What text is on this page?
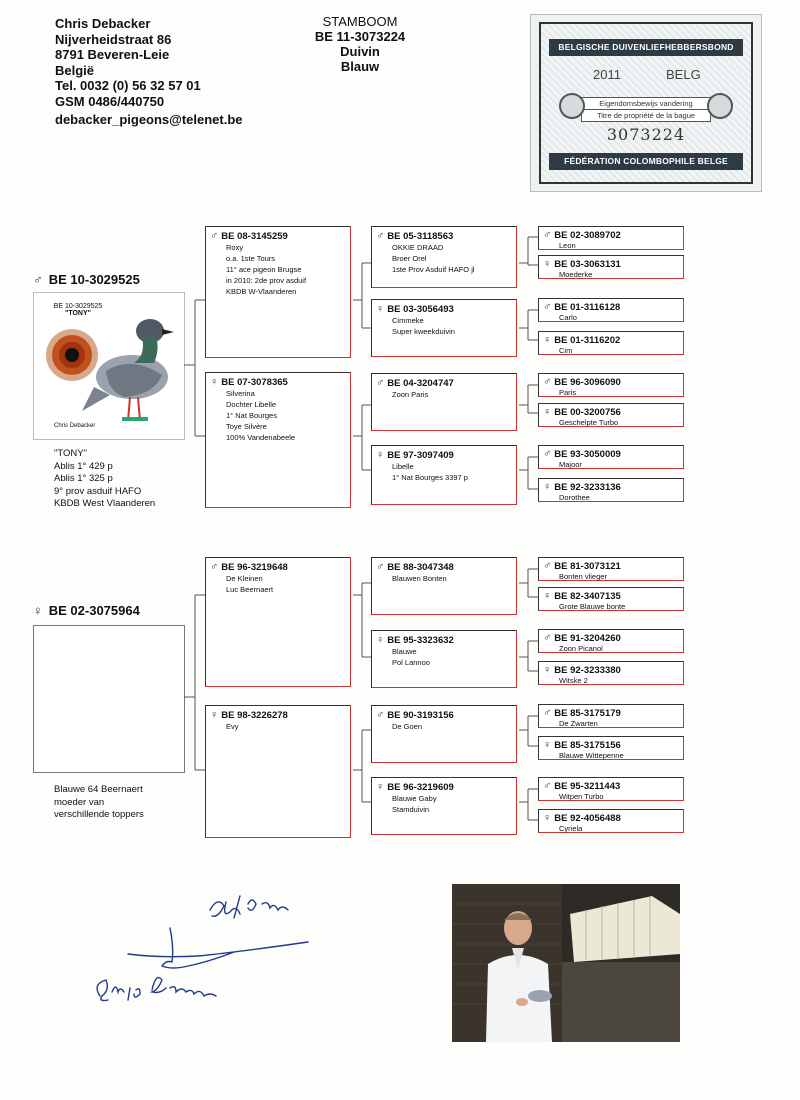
Chris Debacker
Nijverheidstraat 86
8791 Beveren-Leie
België
Tel. 0032 (0) 56 32 57 01
GSM 0486/440750
debacker_pigeons@telenet.be
STAMBOOM
BE 11-3073224
Duivin
Blauw
BELGISCHE DUIVENLIEFHEBBERSBOND
2011	BELG
Eigendomsbewijs vandering
Titre de propriété de la bague
3073224
FÉDÉRATION COLOMBOPHILE BELGE
♂ BE 10-3029525
BE 10-3029525
"TONY"
Chris Debacker
"TONY"
Ablis 1° 429 p
Ablis 1° 325 p
9° prov asduif HAFO
KBDB West Vlaanderen
♀ BE 02-3075964
Blauwe 64 Beernaert
moeder van
verschillende toppers
♂ BE 08-3145259
Roxy
o.a. 1ste Tours
11° ace pigeon Brugse
in 2010: 2de prov asduif
KBDB W-Vlaanderen
♀ BE 07-3078365
Silverina
Dochter Libelle
1° Nat Bourges
Toye Silvère
100% Vandenabeele
♂ BE 96-3219648
De Kleinen
Luc Beernaert
♀ BE 98-3226278
Evy
♂ BE 05-3118563
OKKIE DRAAD
Broer Orel
1ste Prov Asduif HAFO jl
♀ BE 03-3056493
Cimmeke
Super kweekduivin
♂ BE 04-3204747
Zoon Paris
♀ BE 97-3097409
Libelle
1° Nat Bourges 3397 p
♂ BE 88-3047348
Blauwen Bonten
♀ BE 95-3323632
Blauwe
Pol Lannoo
♂ BE 90-3193156
De Goen
♀ BE 96-3219609
Blauwe Gaby
Stamduivin
♂ BE 02-3089702
Leon
♀ BE 03-3063131
Moederke
♂ BE 01-3116128
Carlo
♀ BE 01-3116202
Cim
♂ BE 96-3096090
Paris
♀ BE 00-3200756
Geschelpte Turbo
♂ BE 93-3050009
Majoor
♀ BE 92-3233136
Dorothee
♂ BE 81-3073121
Bonten vlieger
♀ BE 82-3407135
Grote Blauwe bonte
♂ BE 91-3204260
Zoon Picanol
♀ BE 92-3233380
Witske 2
♂ BE 85-3175179
De Zwarten
♀ BE 85-3175156
Blauwe Wittepenne
♂ BE 95-3211443
Witpen Turbo
♀ BE 92-4056488
Cyriela
